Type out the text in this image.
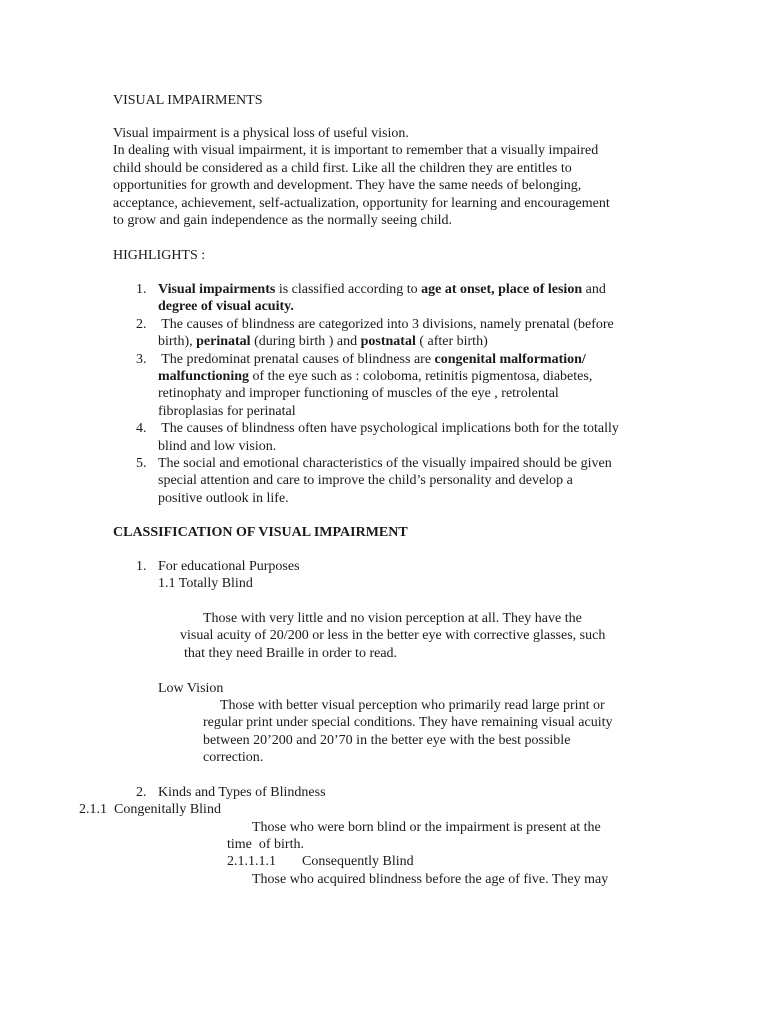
VISUAL IMPAIRMENTS

Visual impairment is a physical loss of useful vision.
In dealing with visual impairment, it is important to remember that a visually impaired
child should be considered as a child first. Like all the children they are entitles to
opportunities for growth and development. They have the same needs of belonging,
acceptance, achievement, self-actualization, opportunity for learning and encouragement
to grow and gain independence as the normally seeing child.

HIGHLIGHTS :

1. Visual impairments is classified according to age at onset, place of lesion and
degree of visual acuity.
2. The causes of blindness are categorized into 3 divisions, namely prenatal (before
birth), perinatal (during birth ) and postnatal ( after birth)
3. The predominat prenatal causes of blindness are congenital malformation/
malfunctioning of the eye such as : coloboma, retinitis pigmentosa, diabetes,
retinophaty and improper functioning of muscles of the eye , retrolental
fibroplasias for perinatal
4. The causes of blindness often have psychological implications both for the totally
blind and low vision.
5. The social and emotional characteristics of the visually impaired should be given
special attention and care to improve the child’s personality and develop a
positive outlook in life.

CLASSIFICATION OF VISUAL IMPAIRMENT

1. For educational Purposes
1.1 Totally Blind
Those with very little and no vision perception at all. They have the
visual acuity of 20/200 or less in the better eye with corrective glasses, such
that they need Braille in order to read.
Low Vision
Those with better visual perception who primarily read large print or
regular print under special conditions. They have remaining visual acuity
between 20’200 and 20’70 in the better eye with the best possible
correction.
2. Kinds and Types of Blindness
2.1.1  Congenitally Blind
Those who were born blind or the impairment is present at the
time  of birth.
2.1.1.1.1 Consequently Blind
Those who acquired blindness before the age of five. They may
